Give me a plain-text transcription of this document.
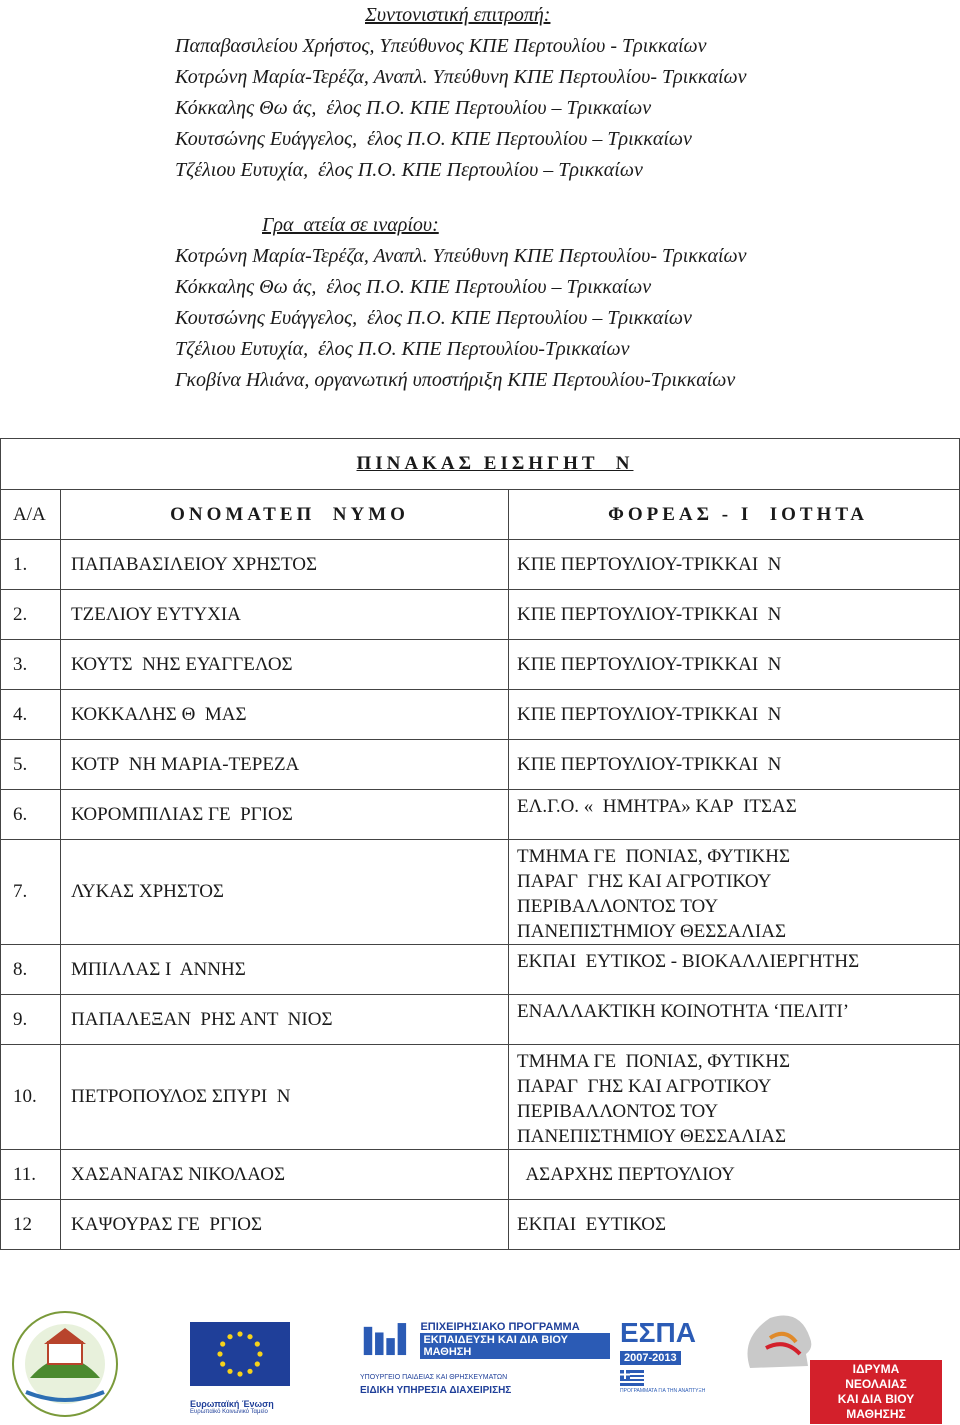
Συντονιστική επιτροπή:
Παπαβασιλείου Χρήστος, Υπεύθυνος ΚΠΕ Περτουλίου - Τρικκαίων
Κοτρώνη Μαρία-Τερέζα, Αναπλ. Υπεύθυνη ΚΠΕ Περτουλίου- Τρικκαίων
Κόκκαλης Θω άς,  έλος Π.Ο. ΚΠΕ Περτουλίου – Τρικκαίων
Κουτσώνης Ευάγγελος,  έλος Π.Ο. ΚΠΕ Περτουλίου – Τρικκαίων
Τζέλιου Ευτυχία,  έλος Π.Ο. ΚΠΕ Περτουλίου – Τρικκαίων
Γρα  ατεία σε ιναρίου:
Κοτρώνη Μαρία-Τερέζα, Αναπλ. Υπεύθυνη ΚΠΕ Περτουλίου- Τρικκαίων
Κόκκαλης Θω άς,  έλος Π.Ο. ΚΠΕ Περτουλίου – Τρικκαίων
Κουτσώνης Ευάγγελος,  έλος Π.Ο. ΚΠΕ Περτουλίου – Τρικκαίων
Τζέλιου Ευτυχία,  έλος Π.Ο. ΚΠΕ Περτουλίου-Τρικκαίων
Γκοβίνα Ηλιάνα, οργανωτική υποστήριξη ΚΠΕ Περτουλίου-Τρικκαίων
ΠΙΝΑΚΑΣ ΕΙΣΗΓΗΤ  Ν		
Α/Α	ΟΝΟΜΑΤΕΠ  ΝΥΜΟ	ΦΟΡΕΑΣ - Ι  ΙΟΤΗΤΑ
1.	ΠΑΠΑΒΑΣΙΛΕΙΟΥ ΧΡΗΣΤΟΣ	ΚΠΕ ΠΕΡΤΟΥΛΙΟΥ-ΤΡΙΚΚΑΙ  Ν

2.	ΤΖΕΛΙΟΥ ΕΥΤΥΧΙΑ	ΚΠΕ ΠΕΡΤΟΥΛΙΟΥ-ΤΡΙΚΚΑΙ  Ν

3.	ΚΟΥΤΣ  ΝΗΣ ΕΥΑΓΓΕΛΟΣ	ΚΠΕ ΠΕΡΤΟΥΛΙΟΥ-ΤΡΙΚΚΑΙ  Ν

4.	ΚΟΚΚΑΛΗΣ Θ  ΜΑΣ	ΚΠΕ ΠΕΡΤΟΥΛΙΟΥ-ΤΡΙΚΚΑΙ  Ν

5.	ΚΟΤΡ  ΝΗ ΜΑΡΙΑ-ΤΕΡΕΖΑ	ΚΠΕ ΠΕΡΤΟΥΛΙΟΥ-ΤΡΙΚΚΑΙ  Ν

6.	ΚΟΡΟΜΠΙΛΙΑΣ ΓΕ  ΡΓΙΟΣ	ΕΛ.Γ.Ο. «  ΗΜΗΤΡΑ» ΚΑΡ  ΙΤΣΑΣ

7.	ΛΥΚΑΣ ΧΡΗΣΤΟΣ	ΤΜΗΜΑ ΓΕ  ΠΟΝΙΑΣ, ΦΥΤΙΚΗΣ
ΠΑΡΑΓ  ΓΗΣ ΚΑΙ ΑΓΡΟΤΙΚΟΥ
ΠΕΡΙΒΑΛΛΟΝΤΟΣ ΤΟΥ
ΠΑΝΕΠΙΣΤΗΜΙΟΥ ΘΕΣΣΑΛΙΑΣ

8.	ΜΠΙΛΛΑΣ Ι  ΑΝΝΗΣ	ΕΚΠΑΙ  ΕΥΤΙΚΟΣ - ΒΙΟΚΑΛΛΙΕΡΓΗΤΗΣ

9.	ΠΑΠΑΛΕΞΑΝ  ΡΗΣ ΑΝΤ  ΝΙΟΣ	ΕΝΑΛΛΑΚΤΙΚΗ ΚΟΙΝΟΤΗΤΑ ‘ΠΕΛΙΤΙ’

10.	ΠΕΤΡΟΠΟΥΛΟΣ ΣΠΥΡΙ  Ν	ΤΜΗΜΑ ΓΕ  ΠΟΝΙΑΣ, ΦΥΤΙΚΗΣ
ΠΑΡΑΓ  ΓΗΣ ΚΑΙ ΑΓΡΟΤΙΚΟΥ
ΠΕΡΙΒΑΛΛΟΝΤΟΣ ΤΟΥ
ΠΑΝΕΠΙΣΤΗΜΙΟΥ ΘΕΣΣΑΛΙΑΣ

11.	ΧΑΣΑΝΑΓΑΣ ΝΙΚΟΛΑΟΣ	ΑΣΑΡΧΗΣ ΠΕΡΤΟΥΛΙΟΥ

12	ΚΑΨΟΥΡΑΣ ΓΕ  ΡΓΙΟΣ	ΕΚΠΑΙ  ΕΥΤΙΚΟΣ
Ευρωπαϊκή Ένωση
Ευρωπαϊκό Κοινωνικό Ταμείο
ΕΠΙΧΕΙΡΗΣΙΑΚΟ ΠΡΟΓΡΑΜΜΑ
ΕΚΠΑΙΔΕΥΣΗ ΚΑΙ ΔΙΑ ΒΙΟΥ ΜΑΘΗΣΗ
ΥΠΟΥΡΓΕΙΟ ΠΑΙΔΕΙΑΣ ΚΑΙ ΘΡΗΣΚΕΥΜΑΤΩΝ
ΕΙΔΙΚΗ ΥΠΗΡΕΣΙΑ ΔΙΑΧΕΙΡΙΣΗΣ
ΕΣΠΑ
2007-2013
ΠΡΟΓΡΑΜΜΑΤΑ ΓΙΑ ΤΗΝ ΑΝΑΠΤΥΞΗ
ΙΔΡΥΜΑ
ΝΕΟΛΑΙΑΣ
ΚΑΙ ΔΙΑ ΒΙΟΥ
ΜΑΘΗΣΗΣ
